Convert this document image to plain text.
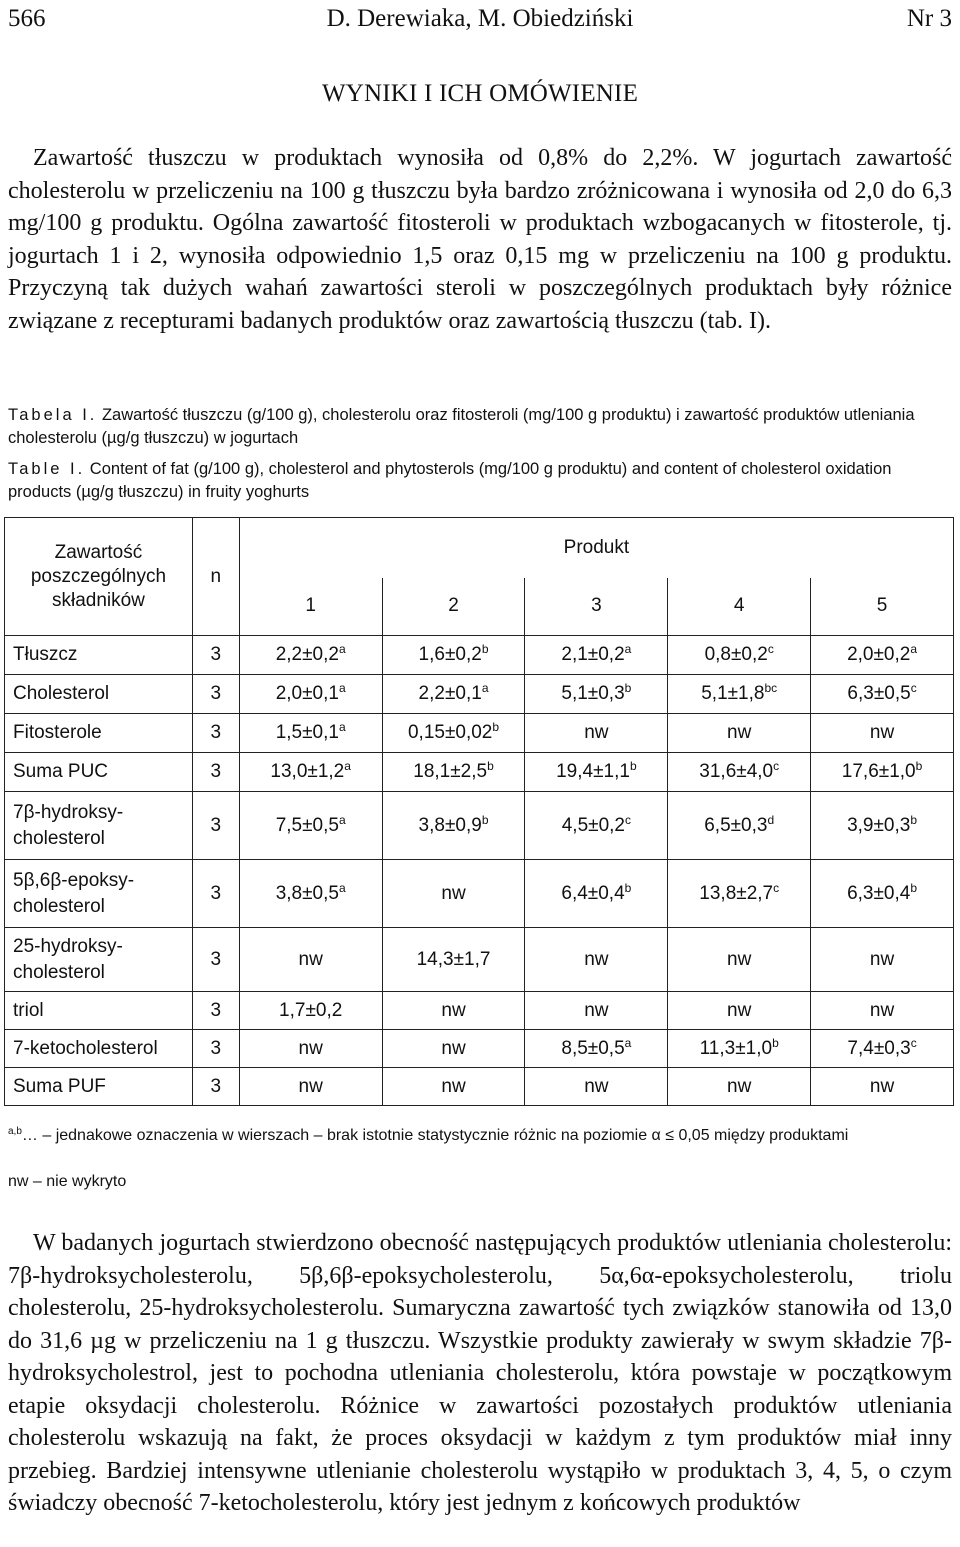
566	D. Derewiaka, M. Obiedziński	Nr 3
WYNIKI I ICH OMÓWIENIE

Zawartość tłuszczu w produktach wynosiła od 0,8% do 2,2%. W jogurtach zawartość cholesterolu w przeliczeniu na 100 g tłuszczu była bardzo zróżnicowana i wynosiła od 2,0 do 6,3 mg/100 g produktu. Ogólna zawartość fitosteroli w produktach wzbogacanych w fitosterole, tj. jogurtach 1 i 2, wynosiła odpowiednio 1,5 oraz 0,15 mg w przeliczeniu na 100 g produktu. Przyczyną tak dużych wahań zawartości steroli w poszczególnych produktach były różnice związane z recepturami badanych produktów oraz zawartością tłuszczu (tab. I).

Tabela I. Zawartość tłuszczu (g/100 g), cholesterolu oraz fitosteroli (mg/100 g produktu) i zawartość produktów utleniania cholesterolu (µg/g tłuszczu) w jogurtach
Table I. Content of fat (g/100 g), cholesterol and phytosterols (mg/100 g produktu) and content of cholesterol oxidation products (µg/g tłuszczu) in fruity yoghurts
Zawartość poszczególnych składników	n	Produkt				
		1	2	3	4	5
Tłuszcz	3	2,2±0,2$^a$	1,6±0,2$^b$	2,1±0,2$^a$	0,8±0,2$^c$	2,0±0,2$^a$
Cholesterol	3	2,0±0,1$^a$	2,2±0,1$^a$	5,1±0,3$^b$	5,1±1,8$^{bc}$	6,3±0,5$^c$
Fitosterole	3	1,5±0,1$^a$	0,15±0,02$^b$	nw	nw	nw
Suma PUC	3	13,0±1,2$^a$	18,1±2,5$^b$	19,4±1,1$^b$	31,6±4,0$^c$	17,6±1,0$^b$
7β-hydroksy-cholesterol	3	7,5±0,5$^a$	3,8±0,9$^b$	4,5±0,2$^c$	6,5±0,3$^d$	3,9±0,3$^b$
5β,6β-epoksy-cholesterol	3	3,8±0,5$^a$	nw	6,4±0,4$^b$	13,8±2,7$^c$	6,3±0,4$^b$
25-hydroksy-cholesterol	3	nw	14,3±1,7	nw	nw	nw
triol	3	1,7±0,2	nw	nw	nw	nw
7-ketocholesterol	3	nw	nw	8,5±0,5$^a$	11,3±1,0$^b$	7,4±0,3$^c$
Suma PUF	3	nw	nw	nw	nw	nw
$^{a,b}$… – jednakowe oznaczenia w wierszach – brak istotnie statystycznie różnic na poziomie α ≤ 0,05 między produktami
nw – nie wykryto

W badanych jogurtach stwierdzono obecność następujących produktów utleniania cholesterolu: 7β-hydroksycholesterolu, 5β,6β-epoksycholesterolu, 5α,6α-epoksycholesterolu, triolu cholesterolu, 25-hydroksycholesterolu. Sumaryczna zawartość tych związków stanowiła od 13,0 do 31,6 µg w przeliczeniu na 1 g tłuszczu. Wszystkie produkty zawierały w swym składzie 7β-hydroksycholestrol, jest to pochodna utleniania cholesterolu, która powstaje w początkowym etapie oksydacji cholesterolu. Różnice w zawartości pozostałych produktów utleniania cholesterolu wskazują na fakt, że proces oksydacji w każdym z tym produktów miał inny przebieg. Bardziej intensywne utlenianie cholesterolu wystąpiło w produktach 3, 4, 5, o czym świadczy obecność 7-ketocholesterolu, który jest jednym z końcowych produktów
